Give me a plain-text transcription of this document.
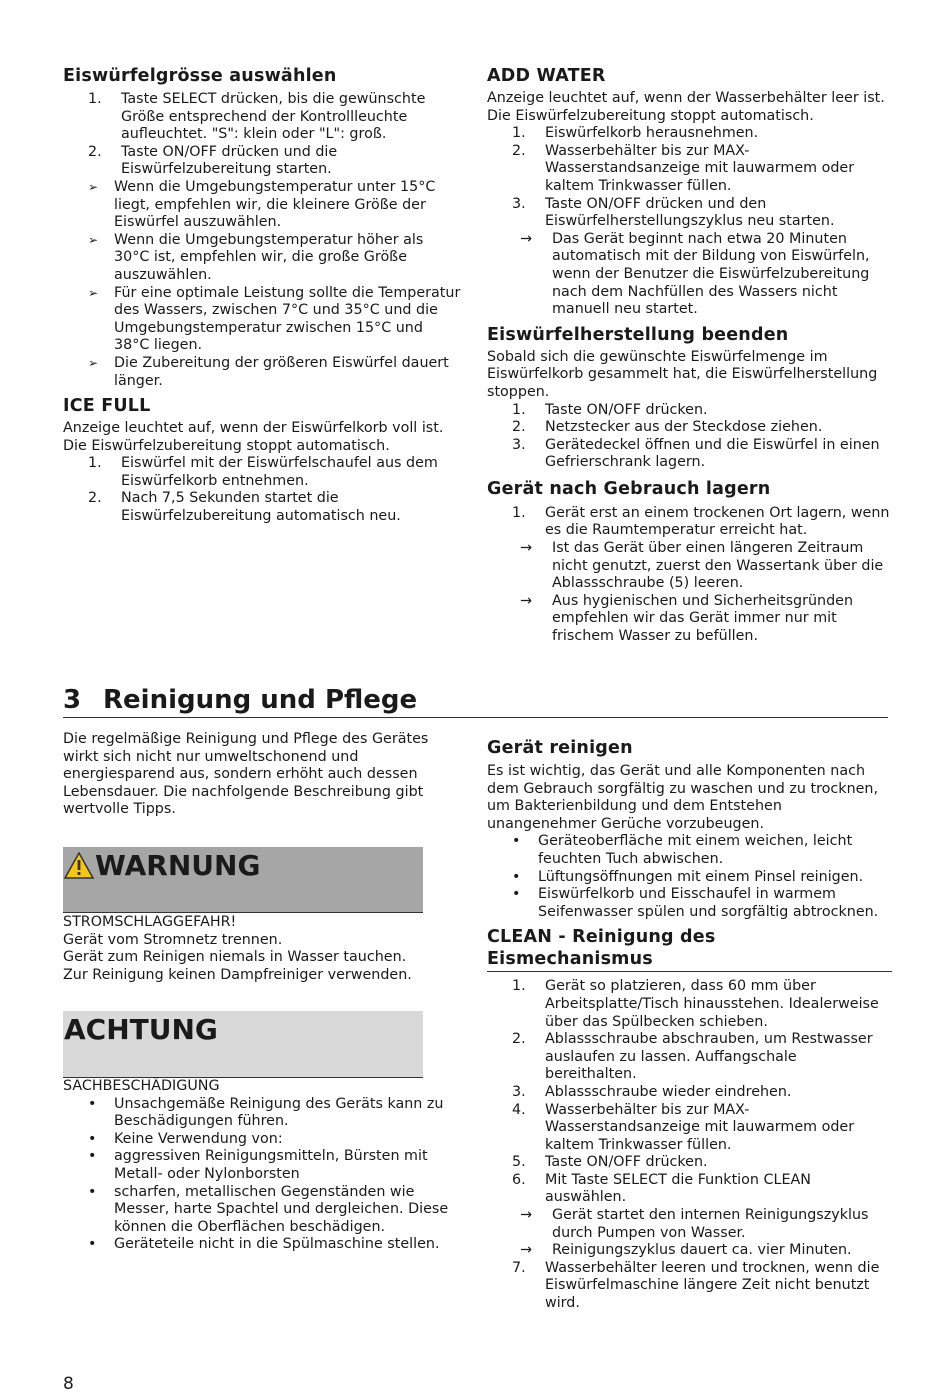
Eiswürfelgrösse auswählen
1. Taste SELECT drücken, bis die gewünschte Größe entsprechend der Kontrollleuchte aufleuchtet. "S": klein oder "L": groß.
2. Taste ON/OFF drücken und die Eiswürfelzubereitung starten.
➢ Wenn die Umgebungstemperatur unter 15°C liegt, empfehlen wir, die kleinere Größe der Eiswürfel auszuwählen.
➢ Wenn die Umgebungstemperatur höher als 30°C ist, empfehlen wir, die große Größe auszuwählen.
➢ Für eine optimale Leistung sollte die Temperatur des Wassers, zwischen 7°C und 35°C und die Umgebungstemperatur zwischen 15°C und 38°C liegen.
➢ Die Zubereitung der größeren Eiswürfel dauert länger.
ICE FULL

Anzeige leuchtet auf, wenn der Eiswürfelkorb voll ist.

Die Eiswürfelzubereitung stoppt automatisch.

1. Eiswürfel mit der Eiswürfelschaufel aus dem Eiswürfelkorb entnehmen.
2. Nach 7,5 Sekunden startet die Eiswürfelzubereitung automatisch neu.
ADD WATER

Anzeige leuchtet auf, wenn der Wasserbehälter leer ist.

Die Eiswürfelzubereitung stoppt automatisch.

1. Eiswürfelkorb herausnehmen.
2. Wasserbehälter bis zur MAX-Wasserstandsanzeige mit lauwarmem oder kaltem Trinkwasser füllen.
3. Taste ON/OFF drücken und den Eiswürfelherstellungszyklus neu starten.
→ Das Gerät beginnt nach etwa 20 Minuten automatisch mit der Bildung von Eiswürfeln, wenn der Benutzer die Eiswürfelzubereitung nach dem Nachfüllen des Wassers nicht manuell neu startet.
Eiswürfelherstellung beenden

Sobald sich die gewünschte Eiswürfelmenge im Eiswürfelkorb gesammelt hat, die Eiswürfelherstellung stoppen.

1. Taste ON/OFF drücken.
2. Netzstecker aus der Steckdose ziehen.
3. Gerätedeckel öffnen und die Eiswürfel in einen Gefrierschrank lagern.
Gerät nach Gebrauch lagern
1. Gerät erst an einem trockenen Ort lagern, wenn es die Raumtemperatur erreicht hat.
→ Ist das Gerät über einen längeren Zeitraum nicht genutzt, zuerst den Wassertank über die Ablassschraube (5) leeren.
→ Aus hygienischen und Sicherheitsgründen empfehlen wir das Gerät immer nur mit frischem Wasser zu befüllen.
3 Reinigung und Pflege

Die regelmäßige Reinigung und Pflege des Gerätes wirkt sich nicht nur umweltschonend und energiesparend aus, sondern erhöht auch dessen Lebensdauer. Die nachfolgende Beschreibung gibt wertvolle Tipps.

WARNUNG

STROMSCHLAGGEFAHR!

Gerät vom Stromnetz trennen.

Gerät zum Reinigen niemals in Wasser tauchen.

Zur Reinigung keinen Dampfreiniger verwenden.

ACHTUNG

SACHBESCHÄDIGUNG

• Unsachgemäße Reinigung des Geräts kann zu Beschädigungen führen.
• Keine Verwendung von:
• aggressiven Reinigungsmitteln, Bürsten mit Metall- oder Nylonborsten
• scharfen, metallischen Gegenständen wie Messer, harte Spachtel und dergleichen. Diese können die Oberflächen beschädigen.
• Geräteteile nicht in die Spülmaschine stellen.
Gerät reinigen

Es ist wichtig, das Gerät und alle Komponenten nach dem Gebrauch sorgfältig zu waschen und zu trocknen, um Bakterienbildung und dem Entstehen unangenehmer Gerüche vorzubeugen.

• Geräteoberfläche mit einem weichen, leicht feuchten Tuch abwischen.
• Lüftungsöffnungen mit einem Pinsel reinigen.
• Eiswürfelkorb und Eisschaufel in warmem Seifenwasser spülen und sorgfältig abtrocknen.
CLEAN - Reinigung des
Eismechanismus
1. Gerät so platzieren, dass 60 mm über Arbeitsplatte/Tisch hinausstehen. Idealerweise über das Spülbecken schieben.
2. Ablassschraube abschrauben, um Restwasser auslaufen zu lassen. Auffangschale bereithalten.
3. Ablassschraube wieder eindrehen.
4. Wasserbehälter bis zur MAX-Wasserstandsanzeige mit lauwarmem oder kaltem Trinkwasser füllen.
5. Taste ON/OFF drücken.
6. Mit Taste SELECT die Funktion CLEAN auswählen.
→ Gerät startet den internen Reinigungszyklus durch Pumpen von Wasser.
→ Reinigungszyklus dauert ca. vier Minuten.
7. Wasserbehälter leeren und trocknen, wenn die Eiswürfelmaschine längere Zeit nicht benutzt wird.
8
